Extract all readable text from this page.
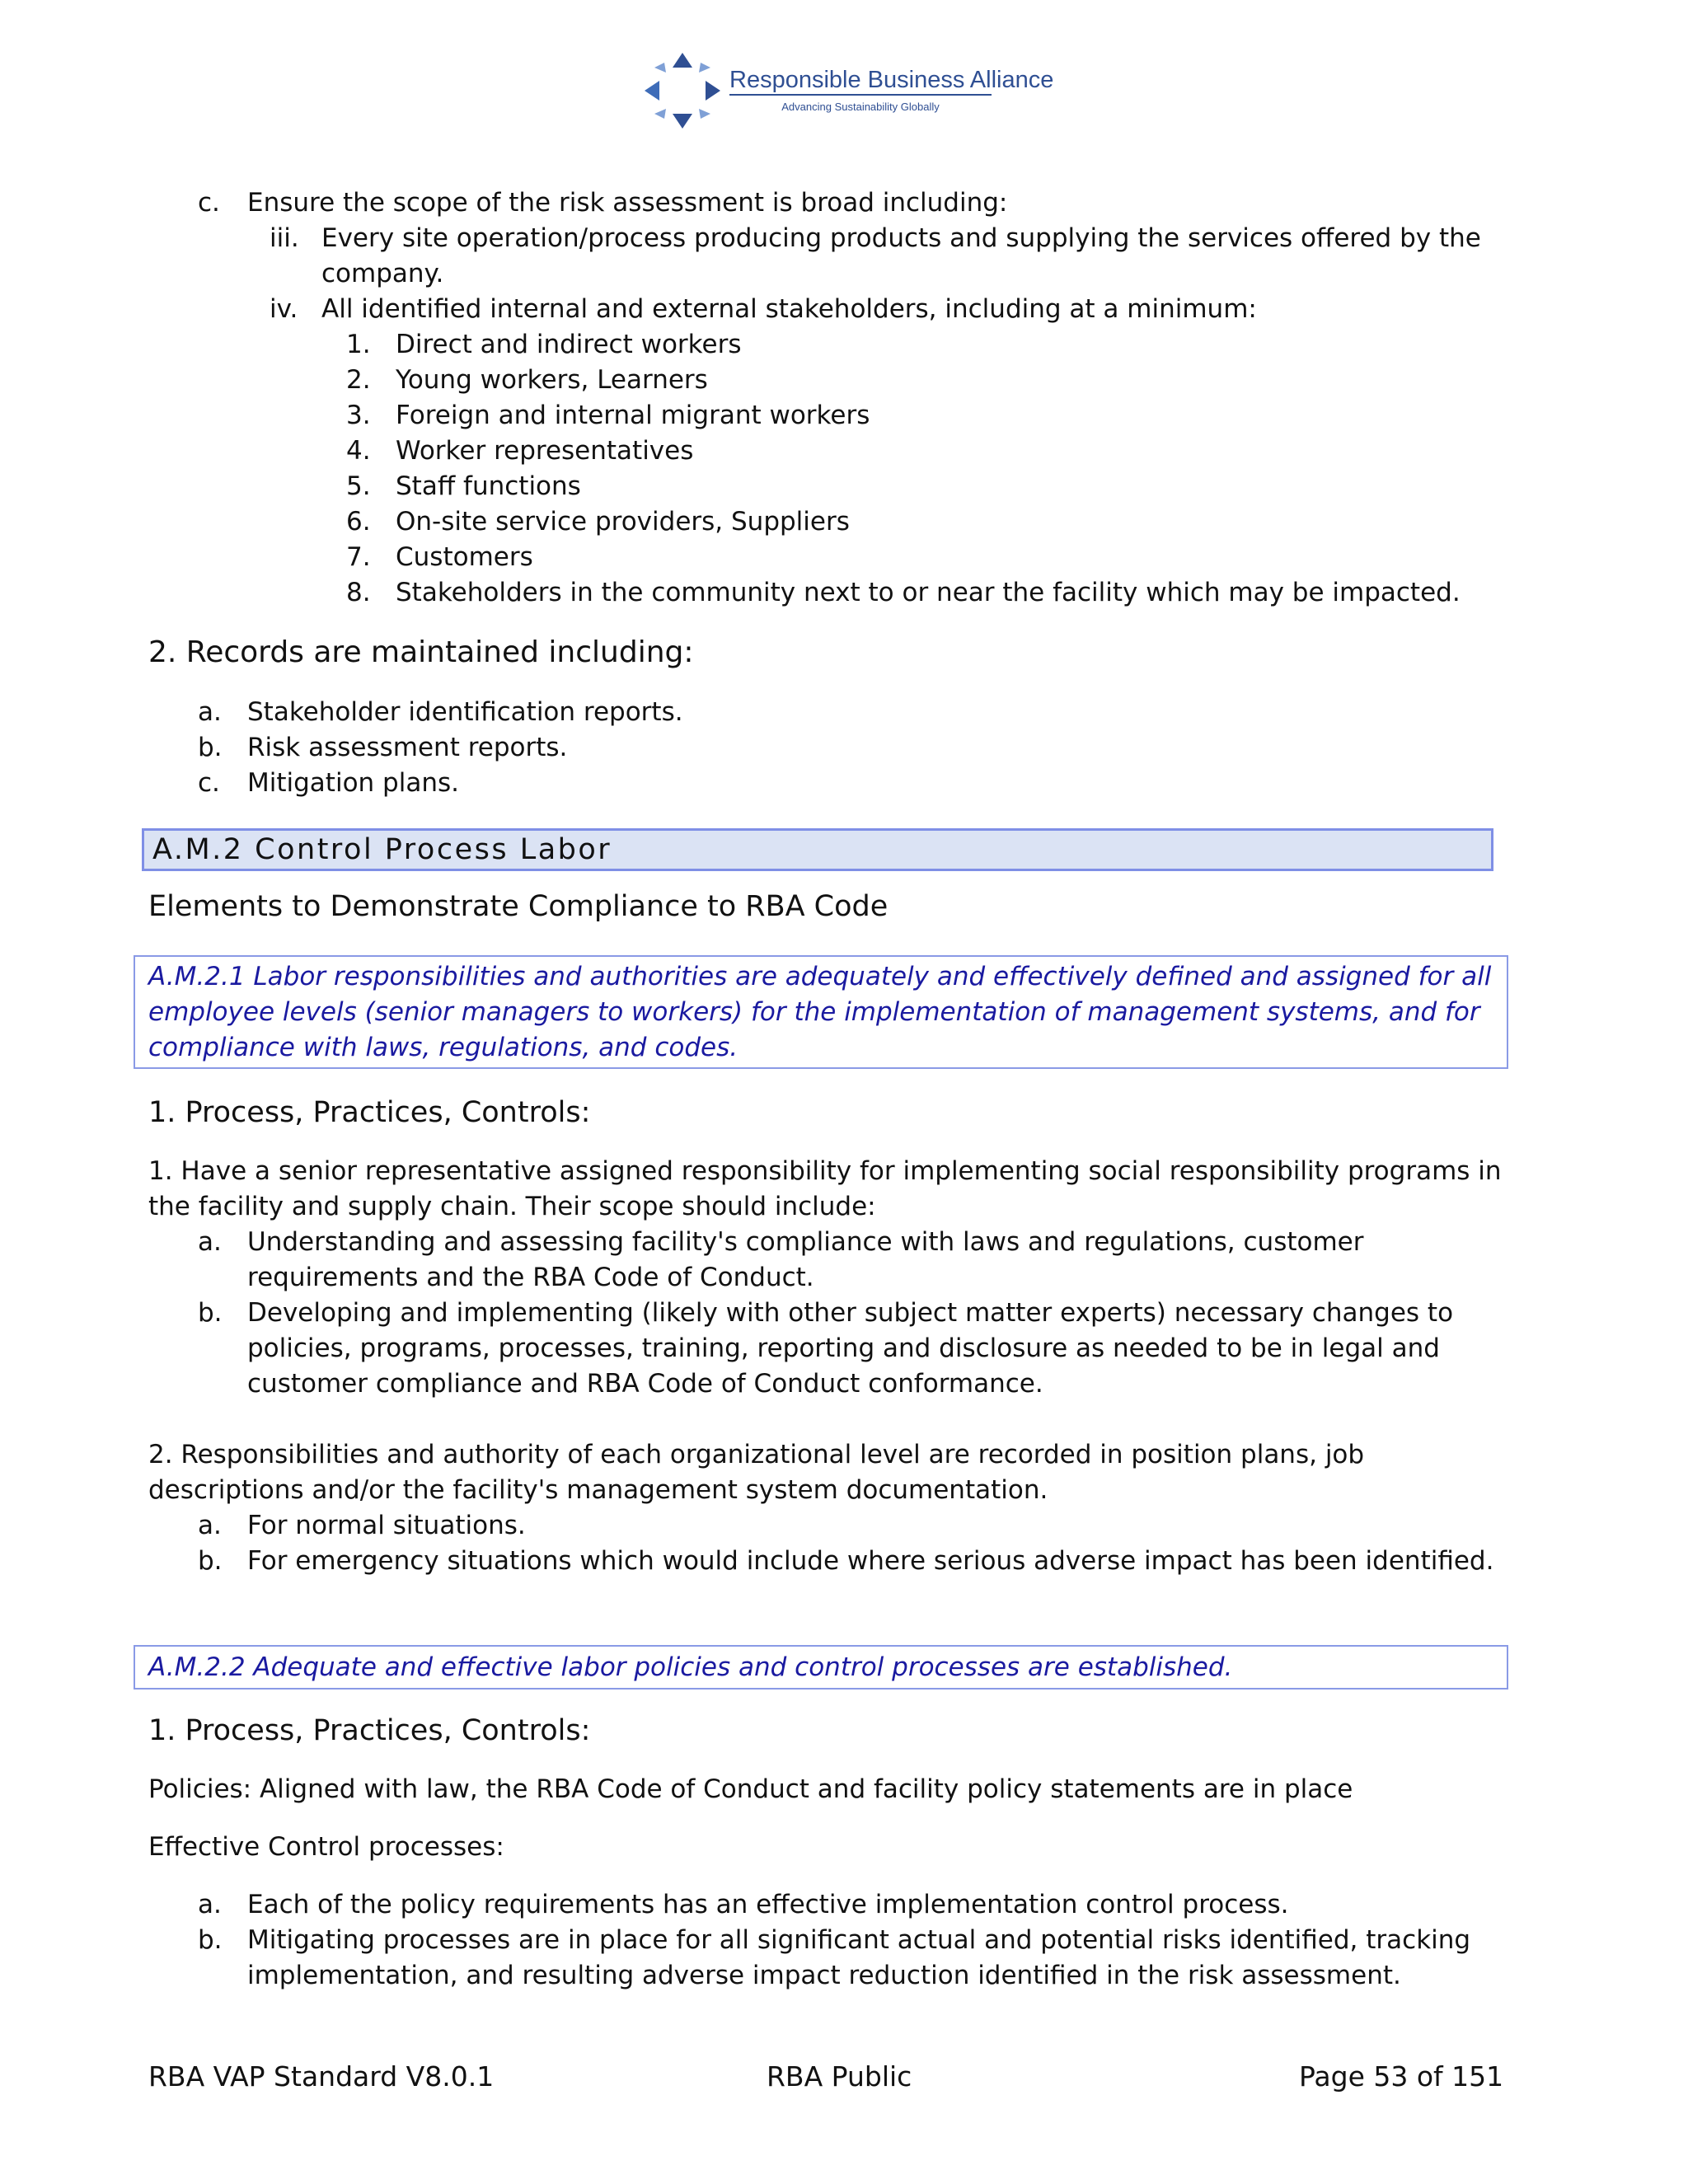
Responsible Business Alliance
Advancing Sustainability Globally
c. Ensure the scope of the risk assessment is broad including:
iii. Every site operation/process producing products and supplying the services offered by the
company.
iv. All identified internal and external stakeholders, including at a minimum:
1. Direct and indirect workers
2. Young workers, Learners
3. Foreign and internal migrant workers
4. Worker representatives
5. Staff functions
6. On-site service providers, Suppliers
7. Customers
8. Stakeholders in the community next to or near the facility which may be impacted.
2. Records are maintained including:
a. Stakeholder identification reports.
b. Risk assessment reports.
c. Mitigation plans.
A.M.2 Control Process Labor
Elements to Demonstrate Compliance to RBA Code
A.M.2.1 Labor responsibilities and authorities are adequately and effectively defined and assigned for all
employee levels (senior managers to workers) for the implementation of management systems, and for
compliance with laws, regulations, and codes.
1. Process, Practices, Controls:
1. Have a senior representative assigned responsibility for implementing social responsibility programs in
the facility and supply chain. Their scope should include:
a. Understanding and assessing facility's compliance with laws and regulations, customer
requirements and the RBA Code of Conduct.
b. Developing and implementing (likely with other subject matter experts) necessary changes to
policies, programs, processes, training, reporting and disclosure as needed to be in legal and
customer compliance and RBA Code of Conduct conformance.
2. Responsibilities and authority of each organizational level are recorded in position plans, job
descriptions and/or the facility's management system documentation.
a. For normal situations.
b. For emergency situations which would include where serious adverse impact has been identified.
A.M.2.2 Adequate and effective labor policies and control processes are established.
1. Process, Practices, Controls:
Policies: Aligned with law, the RBA Code of Conduct and facility policy statements are in place
Effective Control processes:
a. Each of the policy requirements has an effective implementation control process.
b. Mitigating processes are in place for all significant actual and potential risks identified, tracking
implementation, and resulting adverse impact reduction identified in the risk assessment.
RBA VAP Standard V8.0.1	RBA Public	Page 53 of 151
